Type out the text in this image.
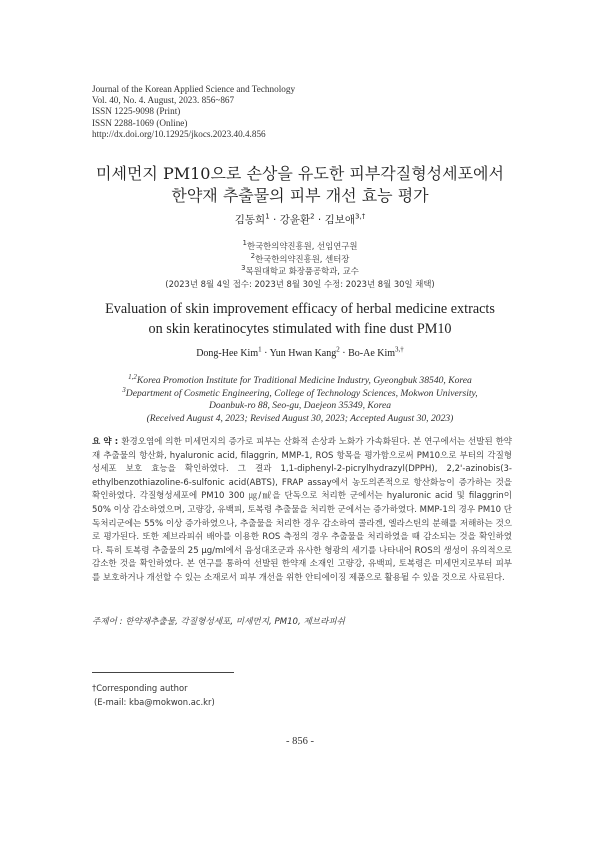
Journal of the Korean Applied Science and Technology
Vol. 40, No. 4. August, 2023. 856~867
ISSN 1225-9098 (Print)
ISSN 2288-1069 (Online)
http://dx.doi.org/10.12925/jkocs.2023.40.4.856
미세먼지 PM10으로 손상을 유도한 피부각질형성세포에서
한약재 추출물의 피부 개선 효능 평가
김동희$^1$ · 강윤환$^2$ · 김보애$^{3,\dagger}$
$^1$한국한의약진흥원, 선임연구원
$^2$한국한의약진흥원, 센터장
$^3$목원대학교 화장품공학과, 교수
(2023년 8월 4일 접수: 2023년 8월 30일 수정: 2023년 8월 30일 채택)
Evaluation of skin improvement efficacy of herbal medicine extracts
on skin keratinocytes stimulated with fine dust PM10
Dong-Hee Kim$^1$ · Yun Hwan Kang$^2$ · Bo-Ae Kim$^{3,\dagger}$
$^{1,2}$Korea Promotion Institute for Traditional Medicine Industry, Gyeongbuk 38540, Korea
$^3$Department of Cosmetic Engineering, College of Technology Sciences, Mokwon University,
Doanbuk-ro 88, Seo-gu, Daejeon 35349, Korea
(Received August 4, 2023; Revised August 30, 2023; Accepted August 30, 2023)
요 약 : 환경오염에 의한 미세먼지의 증가로 피부는 산화적 손상과 노화가 가속화된다. 본 연구에서는 선발된 한약재 추출물의 항산화, hyaluronic acid, filaggrin, MMP-1, ROS 항목을 평가함으로써 PM10으로 부터의 각질형성세포 보호 효능을 확인하였다. 그 결과 1,1-diphenyl-2-picrylhydrazyl(DPPH), 2,2'-azinobis(3-ethylbenzothiazoline-6-sulfonic acid(ABTS), FRAP assay에서 농도의존적으로 항산화능이 증가하는 것을 확인하였다. 각질형성세포에 PM10 300 ㎍/㎖을 단독으로 처리한 군에서는 hyaluronic acid 및 filaggrin이 50% 이상 감소하였으며, 고량강, 유백피, 토복령 추출물을 처리한 군에서는 증가하였다. MMP-1의 경우 PM10 단독처리군에는 55% 이상 증가하였으나, 추출물을 처리한 경우 감소하여 콜라겐, 엘라스틴의 분해를 저해하는 것으로 평가된다. 또한 제브라피쉬 배아를 이용한 ROS 측정의 경우 추출물을 처리하였을 때 감소되는 것을 확인하였다. 특히 토복령 추출물의 25 μg/ml에서 음성대조군과 유사한 형광의 세기를 나타내어 ROS의 생성이 유의적으로 감소한 것을 확인하였다. 본 연구를 통하여 선발된 한약재 소재인 고량강, 유백피, 토복령은 미세먼지로부터 피부를 보호하거나 개선할 수 있는 소재로서 피부 개선을 위한 안티에이징 제품으로 활용될 수 있을 것으로 사료된다.
주제어 : 한약재추출물, 각질형성세포, 미세먼지, PM10, 제브라피쉬
†Corresponding author
(E-mail: kba@mokwon.ac.kr)
- 856 -
